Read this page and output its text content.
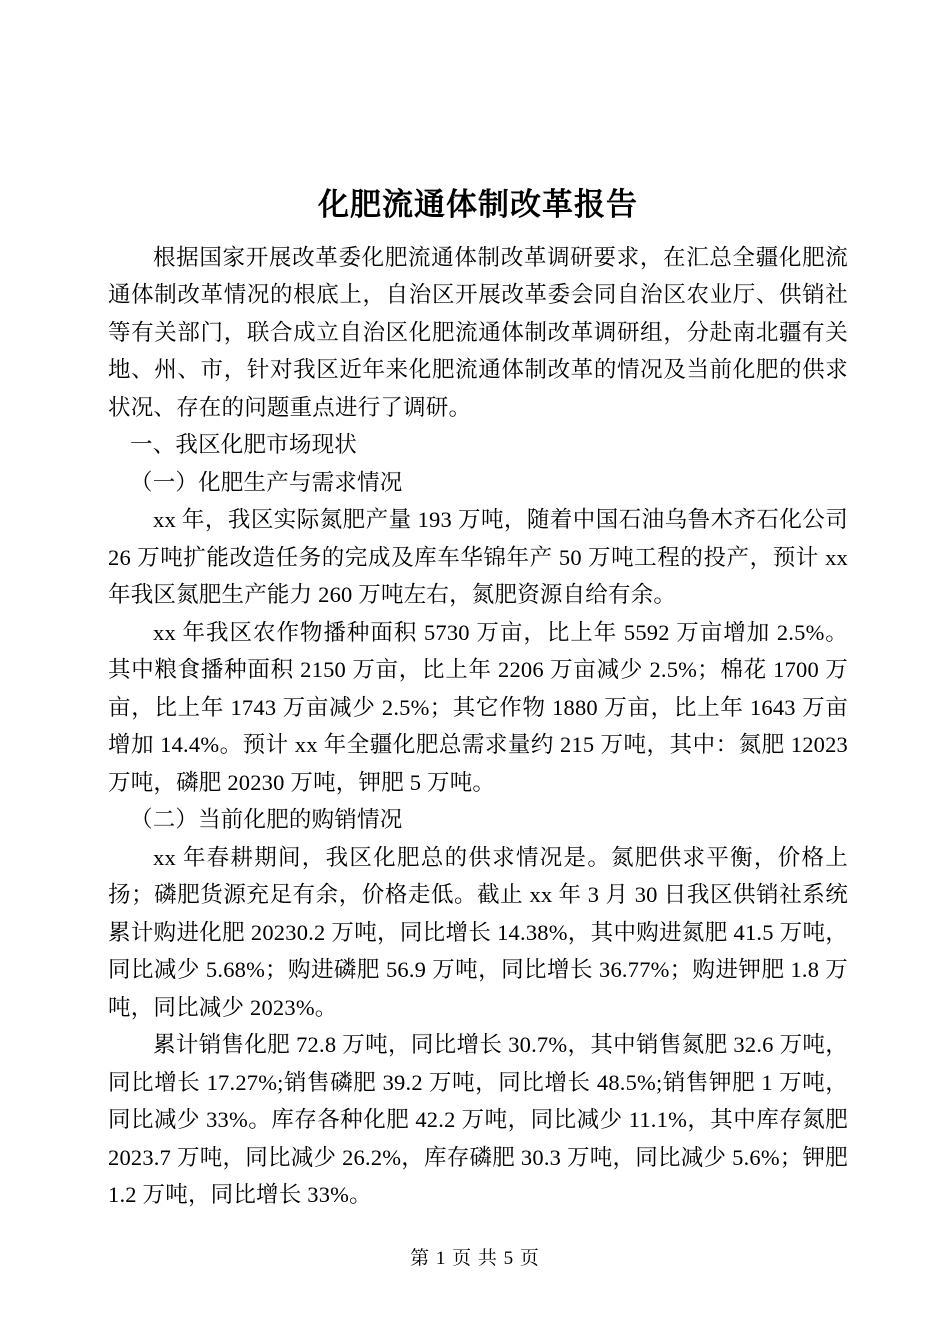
化肥流通体制改革报告

根据国家开展改革委化肥流通体制改革调研要求，在汇总全疆化肥流通体制改革情况的根底上，自治区开展改革委会同自治区农业厅、供销社等有关部门，联合成立自治区化肥流通体制改革调研组，分赴南北疆有关地、州、市，针对我区近年来化肥流通体制改革的情况及当前化肥的供求状况、存在的问题重点进行了调研。

一、我区化肥市场现状

（一）化肥生产与需求情况

xx 年，我区实际氮肥产量 193 万吨，随着中国石油乌鲁木齐石化公司 26 万吨扩能改造任务的完成及库车华锦年产 50 万吨工程的投产，预计 xx 年我区氮肥生产能力 260 万吨左右，氮肥资源自给有余。

xx 年我区农作物播种面积 5730 万亩，比上年 5592 万亩增加 2.5%。其中粮食播种面积 2150 万亩，比上年 2206 万亩减少 2.5%；棉花 1700 万亩，比上年 1743 万亩减少 2.5%；其它作物 1880 万亩，比上年 1643 万亩增加 14.4%。预计 xx 年全疆化肥总需求量约 215 万吨，其中：氮肥 12023 万吨，磷肥 20230 万吨，钾肥 5 万吨。

（二）当前化肥的购销情况

xx 年春耕期间，我区化肥总的供求情况是。氮肥供求平衡，价格上扬；磷肥货源充足有余，价格走低。截止 xx 年 3 月 30 日我区供销社系统累计购进化肥 20230.2 万吨，同比增长 14.38%，其中购进氮肥 41.5 万吨，同比减少 5.68%；购进磷肥 56.9 万吨，同比增长 36.77%；购进钾肥 1.8 万吨，同比减少 2023%。

累计销售化肥 72.8 万吨，同比增长 30.7%，其中销售氮肥 32.6 万吨，同比增长 17.27%;销售磷肥 39.2 万吨，同比增长 48.5%;销售钾肥 1 万吨，同比减少 33%。库存各种化肥 42.2 万吨，同比减少 11.1%，其中库存氮肥 2023.7 万吨，同比减少 26.2%，库存磷肥 30.3 万吨，同比减少 5.6%；钾肥 1.2 万吨，同比增长 33%。

第 1 页 共 5 页
